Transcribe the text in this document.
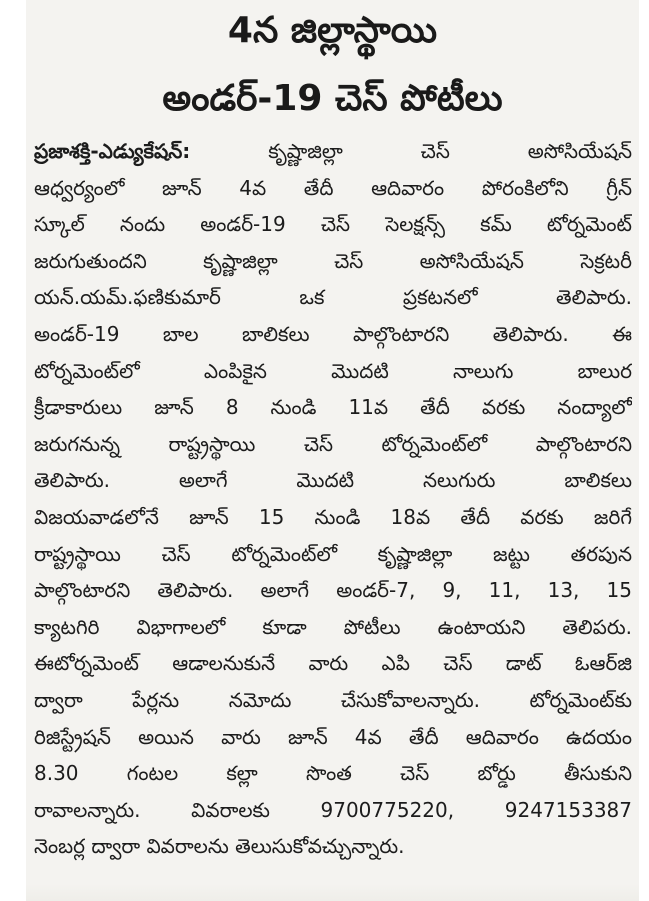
4న జిల్లాస్థాయి
అండర్‌-19 చెస్‌ పోటీలు
ప్రజాశక్తి-ఎడ్యుకేషన్‌:	కృష్ణాజిల్లా చెస్‌ అసోసియేషన్‌
ఆధ్వర్యంలో జూన్‌ 4వ తేదీ ఆదివారం పోరంకిలోని గ్రీన్‌
స్కూల్‌ నందు అండర్‌-19 చెస్‌ సెలక్షన్స్‌ కమ్‌ టోర్నమెంట్‌
జరుగుతుందని కృష్ణాజిల్లా చెస్‌ అసోసియేషన్‌ సెక్రటరీ
యన్‌.యమ్‌.ఫణికుమార్‌ ఒక ప్రకటనలో తెలిపారు.
అండర్‌-19 బాల బాలికలు పాల్గొంటారని తెలిపారు. ఈ
టోర్నమెంట్‌లో ఎంపికైన మొదటి నాలుగు బాలుర
క్రీడాకారులు జూన్‌ 8 నుండి 11వ తేదీ వరకు నంద్యాలో
జరుగనున్న రాష్ట్రస్థాయి చెస్‌ టోర్నమెంట్‌లో పాల్గొంటారని
తెలిపారు. అలాగే మొదటి నలుగురు బాలికలు
విజయవాడలోనే జూన్‌ 15 నుండి 18వ తేదీ వరకు జరిగే
రాష్ట్రస్థాయి చెస్‌ టోర్నమెంట్‌లో కృష్ణాజిల్లా జట్టు తరపున
పాల్గొంటారని తెలిపారు. అలాగే అండర్‌-7, 9, 11, 13, 15
క్యాటగిరి విభాగాలలో కూడా పోటీలు ఉంటాయని తెలిపరు.
ఈటోర్నమెంట్‌ ఆడాలనుకునే వారు ఎపి చెస్‌ డాట్‌ ఓఆర్‌జి
ద్వారా పేర్లను నమోదు చేసుకోవాలన్నారు. టోర్నమెంట్‌కు
రిజిస్ట్రేషన్‌ అయిన వారు జూన్‌ 4వ తేదీ ఆదివారం ఉదయం
8.30 గంటల కల్లా సొంత చెస్‌ బోర్డు తీసుకుని
రావాలన్నారు. వివరాలకు 9700775220, 9247153387
నెంబర్ల ద్వారా వివరాలను తెలుసుకోవచ్చున్నారు.
